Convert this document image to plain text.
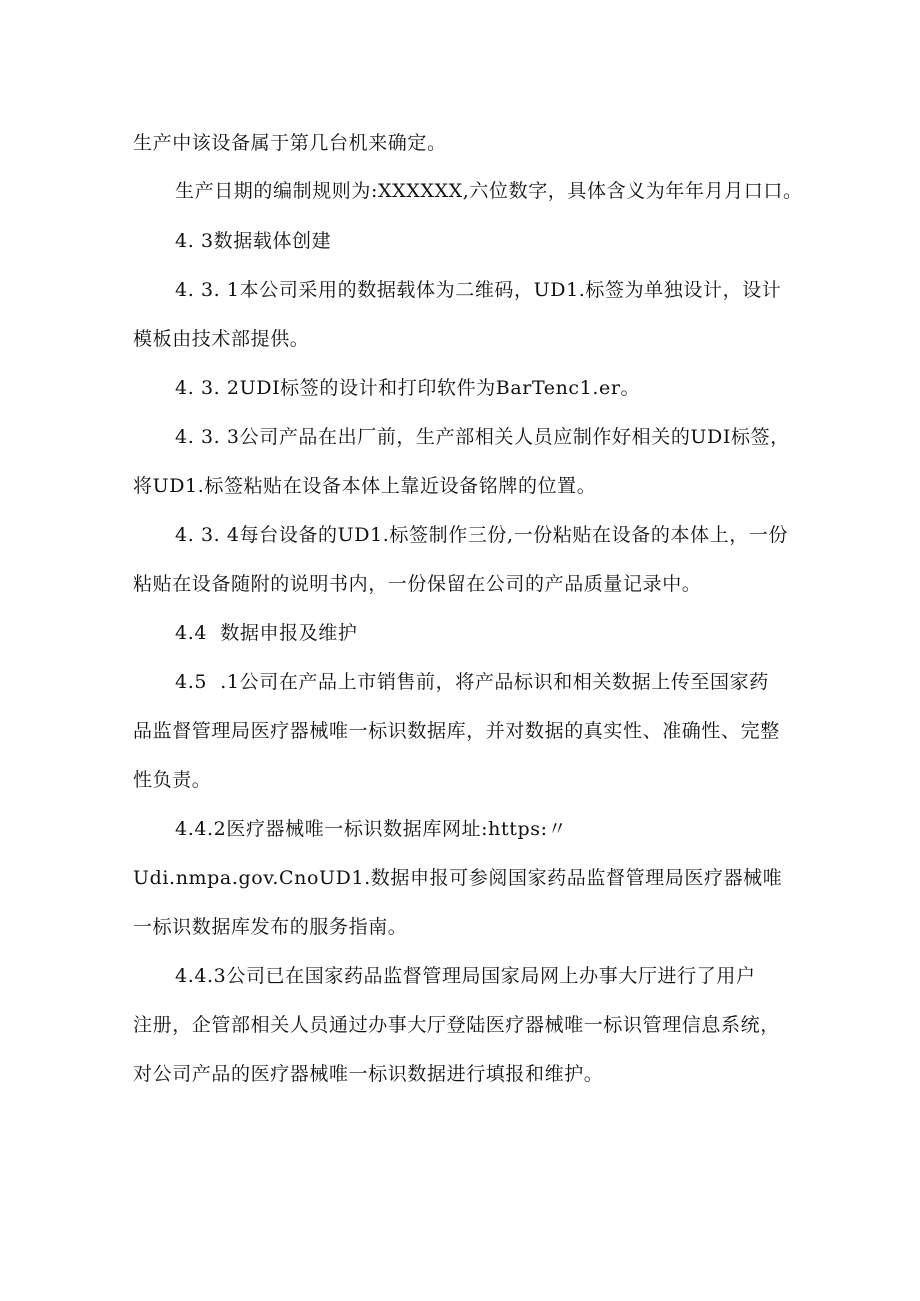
生产中该设备属于第几台机来确定。
生产日期的编制规则为:XXXXXX,六位数字，具体含义为年年月月口口。
4. 3数据载体创建
4. 3. 1本公司采用的数据载体为二维码，UD1.标签为单独设计，设计
模板由技术部提供。
4. 3. 2UDI标签的设计和打印软件为BarTenc1.er。
4. 3. 3公司产品在出厂前，生产部相关人员应制作好相关的UDI标签，
将UD1.标签粘贴在设备本体上靠近设备铭牌的位置。
4. 3. 4每台设备的UD1.标签制作三份,一份粘贴在设备的本体上，一份
粘贴在设备随附的说明书内，一份保留在公司的产品质量记录中。
4.4  数据申报及维护
4.5  .1公司在产品上市销售前，将产品标识和相关数据上传至国家药
品监督管理局医疗器械唯一标识数据库，并对数据的真实性、准确性、完整
性负责。
4.4.2医疗器械唯一标识数据库网址:https:〃
Udi.nmpa.gov.CnoUD1.数据申报可参阅国家药品监督管理局医疗器械唯
一标识数据库发布的服务指南。
4.4.3公司已在国家药品监督管理局国家局网上办事大厅进行了用户
注册，企管部相关人员通过办事大厅登陆医疗器械唯一标识管理信息系统，
对公司产品的医疗器械唯一标识数据进行填报和维护。
